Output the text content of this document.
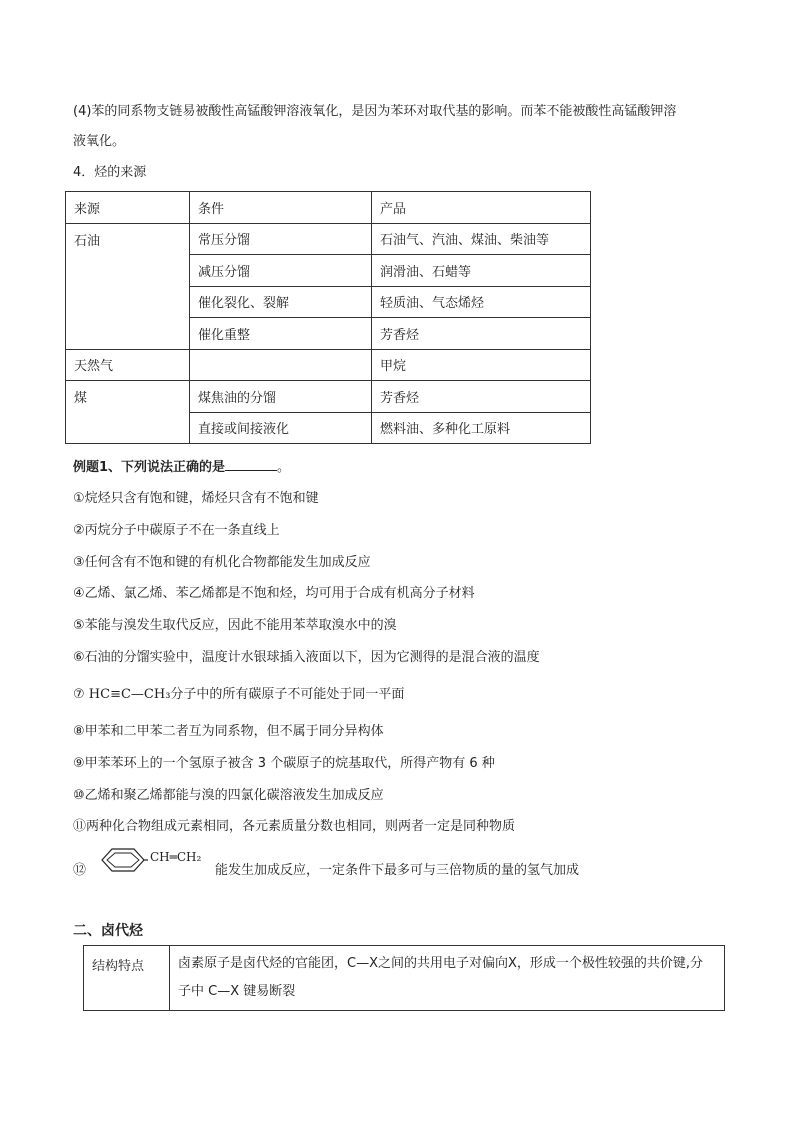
(4)苯的同系物支链易被酸性高锰酸钾溶液氧化，是因为苯环对取代基的影响。而苯不能被酸性高锰酸钾溶
液氧化。
4．烃的来源
来源	条件	产品
石油	常压分馏	石油气、汽油、煤油、柴油等
	减压分馏	润滑油、石蜡等
	催化裂化、裂解	轻质油、气态烯烃
	催化重整	芳香烃
天然气		甲烷
煤	煤焦油的分馏	芳香烃
	直接或间接液化	燃料油、多种化工原料
例题1、下列说法正确的是	。
①烷烃只含有饱和键，烯烃只含有不饱和键
②丙烷分子中碳原子不在一条直线上
③任何含有不饱和键的有机化合物都能发生加成反应
④乙烯、氯乙烯、苯乙烯都是不饱和烃，均可用于合成有机高分子材料
⑤苯能与溴发生取代反应，因此不能用苯萃取溴水中的溴
⑥石油的分馏实验中，温度计水银球插入液面以下，因为它测得的是混合液的温度
⑦ HC≡C—CH₃分子中的所有碳原子不可能处于同一平面
⑧甲苯和二甲苯二者互为同系物，但不属于同分异构体
⑨甲苯苯环上的一个氢原子被含 3 个碳原子的烷基取代，所得产物有 6 种
⑩乙烯和聚乙烯都能与溴的四氯化碳溶液发生加成反应
⑪两种化合物组成元素相同，各元素质量分数也相同，则两者一定是同种物质
⑫
CH═CH₂
能发生加成反应，一定条件下最多可与三倍物质的量的氢气加成
二、卤代烃
结构特点	卤素原子是卤代烃的官能团，C—X之间的共用电子对偏向X，形成一个极性较强的共价键,分子中 C—X 键易断裂
